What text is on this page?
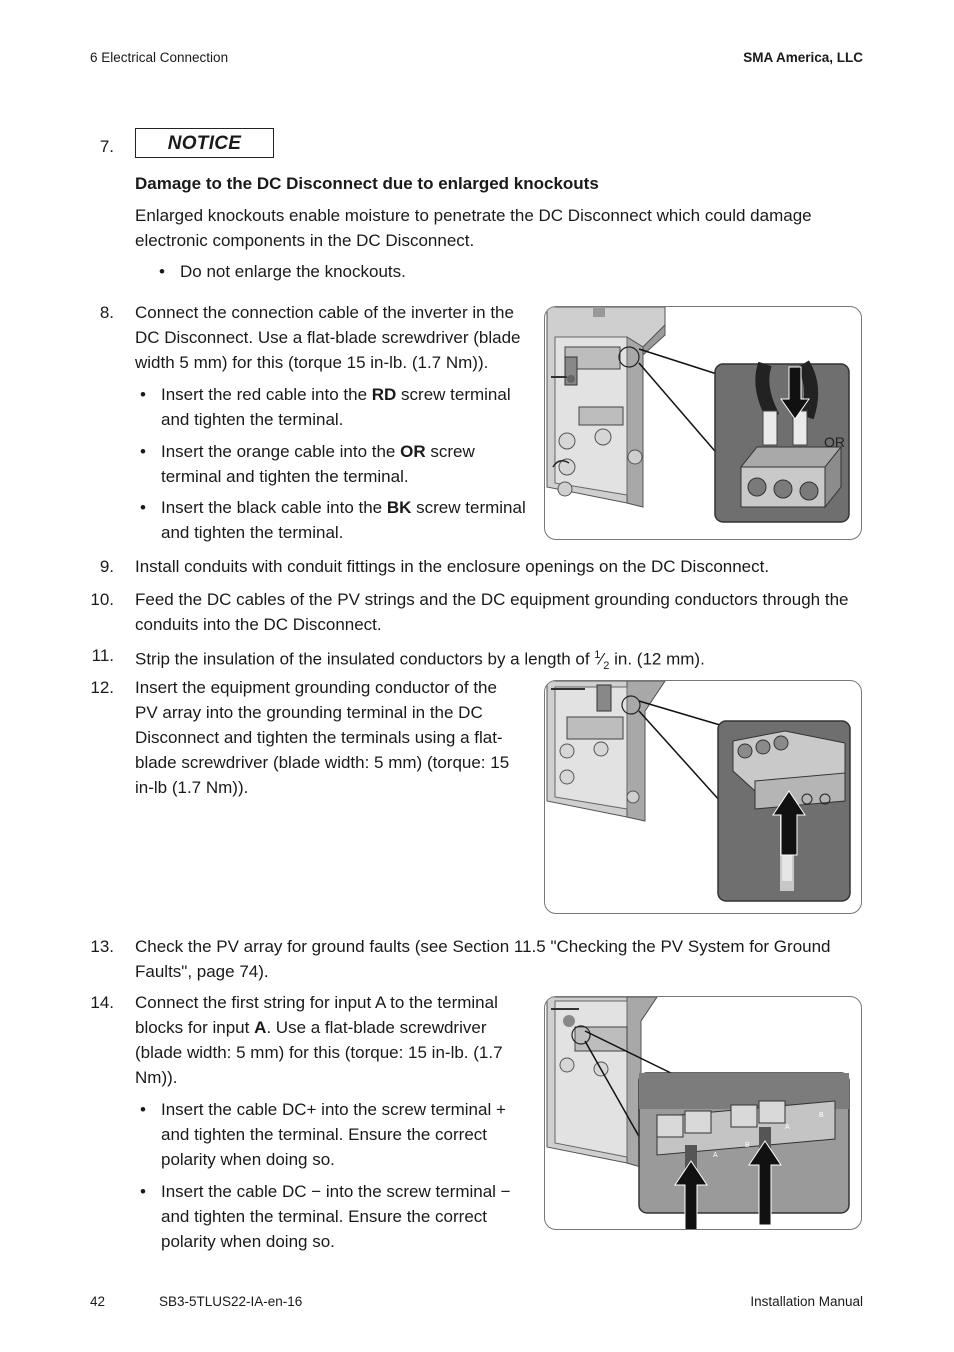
6 Electrical Connection	SMA America, LLC
7.	NOTICE
Damage to the DC Disconnect due to enlarged knockouts
Enlarged knockouts enable moisture to penetrate the DC Disconnect which could damage electronic components in the DC Disconnect.
• Do not enlarge the knockouts.
8. Connect the connection cable of the inverter in the DC Disconnect. Use a flat-blade screwdriver (blade width 5 mm) for this (torque 15 in-lb. (1.7 Nm)).
• Insert the red cable into the RD screw terminal and tighten the terminal.
• Insert the orange cable into the OR screw terminal and tighten the terminal.
• Insert the black cable into the BK screw terminal and tighten the terminal.
OR
9. Install conduits with conduit fittings in the enclosure openings on the DC Disconnect.
10. Feed the DC cables of the PV strings and the DC equipment grounding conductors through the conduits into the DC Disconnect.
11. Strip the insulation of the insulated conductors by a length of $^1⁄_2$ in. (12 mm).
12. Insert the equipment grounding conductor of the PV array into the grounding terminal in the DC Disconnect and tighten the terminals using a flat-blade screwdriver (blade width: 5 mm) (torque: 15 in-lb (1.7 Nm)).
13. Check the PV array for ground faults (see Section 11.5 "Checking the PV System for Ground Faults", page 74).
14. Connect the first string for input A to the terminal blocks for input A. Use a flat-blade screwdriver (blade width: 5 mm) for this (torque: 15 in-lb. (1.7 Nm)).
• Insert the cable DC+ into the screw terminal + and tighten the terminal. Ensure the correct polarity when doing so.
• Insert the cable DC − into the screw terminal − and tighten the terminal. Ensure the correct polarity when doing so.
A
B
A
B
42	SB3-5TLUS22-IA-en-16	Installation Manual
